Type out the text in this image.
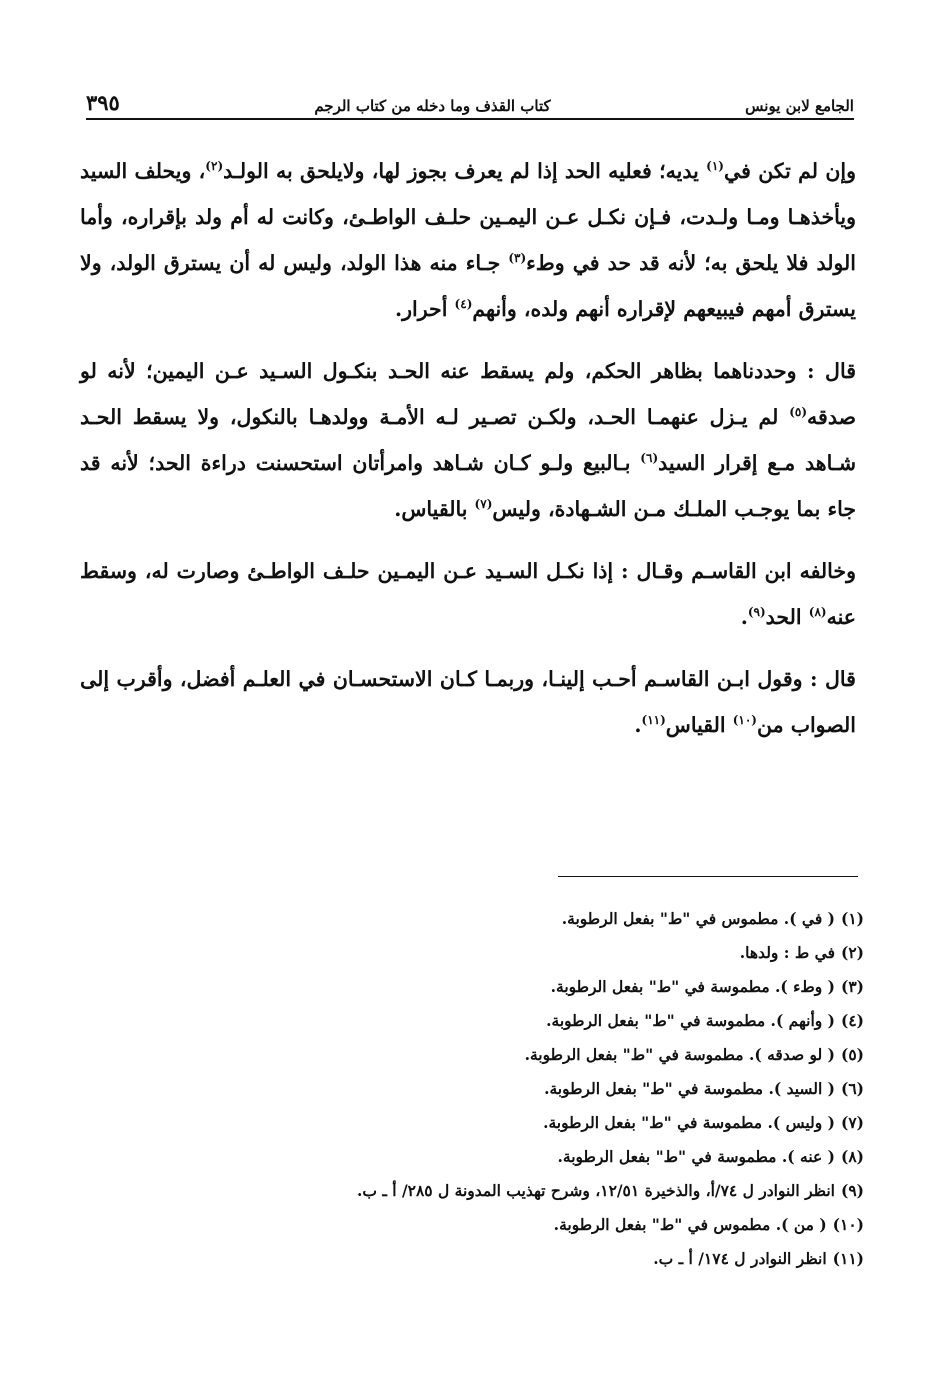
٣٩٥	كتاب القذف وما دخله من كتاب الرجم	الجامع لابن يونس

وإن لم تكن في$^{(١)}$ يديه؛ فعليه الحد إذا لم يعرف بجوز لها، ولايلحق به الولـد$^{(٢)}$، ويحلف السيد ويأخذهـا ومـا ولـدت، فـإن نكـل عـن اليمـين حلـف الواطـئ، وكانت له أم ولد بإقراره، وأما الولد فلا يلحق به؛ لأنه قد حد في وطء$^{(٣)}$ جـاء منه هذا الولد، وليس له أن يسترق الولد، ولا يسترق أمهم فيبيعهم لإقراره أنهم ولده، وأنهم$^{(٤)}$ أحرار.

قال : وحددناهما بظاهر الحكم، ولم يسقط عنه الحـد بنكـول السـيد عـن اليمين؛ لأنه لو صدقه$^{(٥)}$ لم يـزل عنهمـا الحـد، ولكـن تصـير لـه الأمـة وولدهـا بالنكول، ولا يسقط الحـد شـاهد مـع إقرار السيد$^{(٦)}$ بـالبيع ولـو كـان شـاهد وامرأتان استحسنت دراءة الحد؛ لأنه قد جاء بما يوجـب الملـك مـن الشـهادة، وليس$^{(٧)}$ بالقياس.

وخالفه ابن القاسـم وقـال : إذا نكـل السـيد عـن اليمـين حلـف الواطـئ وصارت له، وسقط عنه$^{(٨)}$ الحد$^{(٩)}$.

قال : وقول ابـن القاسـم أحـب إلينـا، وربمـا كـان الاستحسـان في العلـم أفضل، وأقرب إلى الصواب من$^{(١٠)}$ القياس$^{(١١)}$.

(١)( في ). مطموس في "ط" بفعل الرطوبة.
(٢)في ط : ولدها.
(٣)( وطء ). مطموسة في "ط" بفعل الرطوبة.
(٤)( وأنهم ). مطموسة في "ط" بفعل الرطوبة.
(٥)( لو صدقه ). مطموسة في "ط" بفعل الرطوبة.
(٦)( السيد ). مطموسة في "ط" بفعل الرطوبة.
(٧)( وليس ). مطموسة في "ط" بفعل الرطوبة.
(٨)( عنه ). مطموسة في "ط" بفعل الرطوبة.
(٩)انظر النوادر ل ٧٤/أ، والذخيرة ١٢/٥١، وشرح تهذيب المدونة ل ٢٨٥/ أ ـ ب.
(١٠)( من ). مطموس في "ط" بفعل الرطوبة.
(١١)انظر النوادر ل ١٧٤/ أ ـ ب.
